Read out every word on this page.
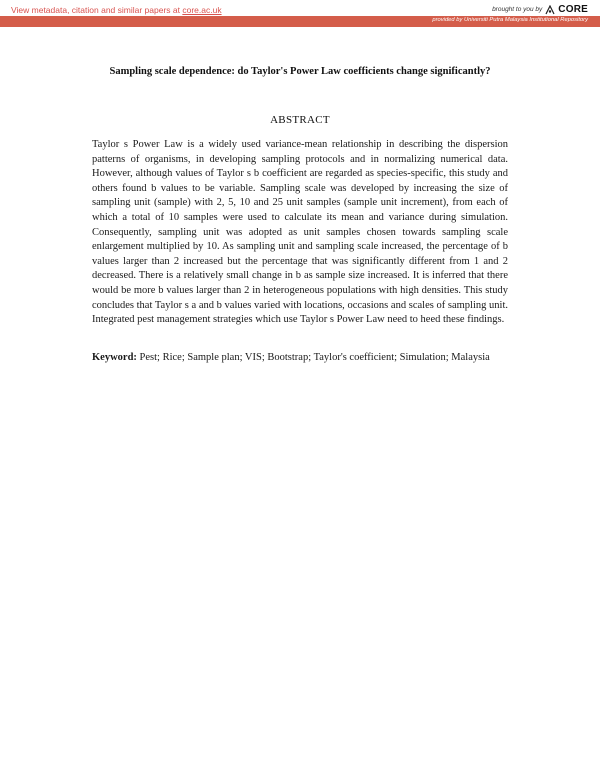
View metadata, citation and similar papers at core.ac.uk	brought to you by CORE
provided by Universiti Putra Malaysia Institutional Repository
Sampling scale dependence: do Taylor's Power Law coefficients change significantly?
ABSTRACT
Taylor s Power Law is a widely used variance-mean relationship in describing the dispersion patterns of organisms, in developing sampling protocols and in normalizing numerical data. However, although values of Taylor s b coefficient are regarded as species-specific, this study and others found b values to be variable. Sampling scale was developed by increasing the size of sampling unit (sample) with 2, 5, 10 and 25 unit samples (sample unit increment), from each of which a total of 10 samples were used to calculate its mean and variance during simulation. Consequently, sampling unit was adopted as unit samples chosen towards sampling scale enlargement multiplied by 10. As sampling unit and sampling scale increased, the percentage of b values larger than 2 increased but the percentage that was significantly different from 1 and 2 decreased. There is a relatively small change in b as sample size increased. It is inferred that there would be more b values larger than 2 in heterogeneous populations with high densities. This study concludes that Taylor s a and b values varied with locations, occasions and scales of sampling unit. Integrated pest management strategies which use Taylor s Power Law need to heed these findings.
Keyword: Pest; Rice; Sample plan; VIS; Bootstrap; Taylor's coefficient; Simulation; Malaysia
